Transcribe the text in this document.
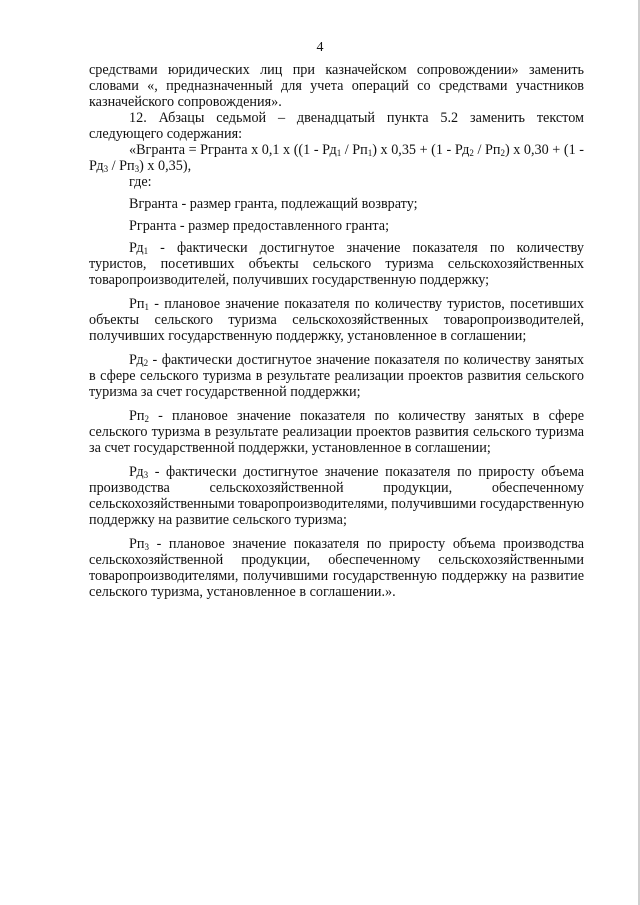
4

средствами юридических лиц при казначейском сопровождении» заменить словами «, предназначенный для учета операций со средствами участников казначейского сопровождения».

12. Абзацы седьмой – двенадцатый пункта 5.2 заменить текстом следующего содержания:

«Вгранта = Ргранта x 0,1 x ($(1 - Рд_1 / Рп_1)$ x $0,35 + (1 - Рд_2 / Рп_2)$ x $0,30 + (1 - Рд_3 / Рп_3)$ x 0,35),

где:

Вгранта - размер гранта, подлежащий возврату;

Ргранта - размер предоставленного гранта;

$Рд_1$ - фактически достигнутое значение показателя по количеству туристов, посетивших объекты сельского туризма сельскохозяйственных товаропроизводителей, получивших государственную поддержку;

$Рп_1$ - плановое значение показателя по количеству туристов, посетивших объекты сельского туризма сельскохозяйственных товаропроизводителей, получивших государственную поддержку, установленное в соглашении;

$Рд_2$ - фактически достигнутое значение показателя по количеству занятых в сфере сельского туризма в результате реализации проектов развития сельского туризма за счет государственной поддержки;

$Рп_2$ - плановое значение показателя по количеству занятых в сфере сельского туризма в результате реализации проектов развития сельского туризма за счет государственной поддержки, установленное в соглашении;

$Рд_3$ - фактически достигнутое значение показателя по приросту объема производства сельскохозяйственной продукции, обеспеченному сельскохозяйственными товаропроизводителями, получившими государственную поддержку на развитие сельского туризма;

$Рп_3$ - плановое значение показателя по приросту объема производства сельскохозяйственной продукции, обеспеченному сельскохозяйственными товаропроизводителями, получившими государственную поддержку на развитие сельского туризма, установленное в соглашении.».
